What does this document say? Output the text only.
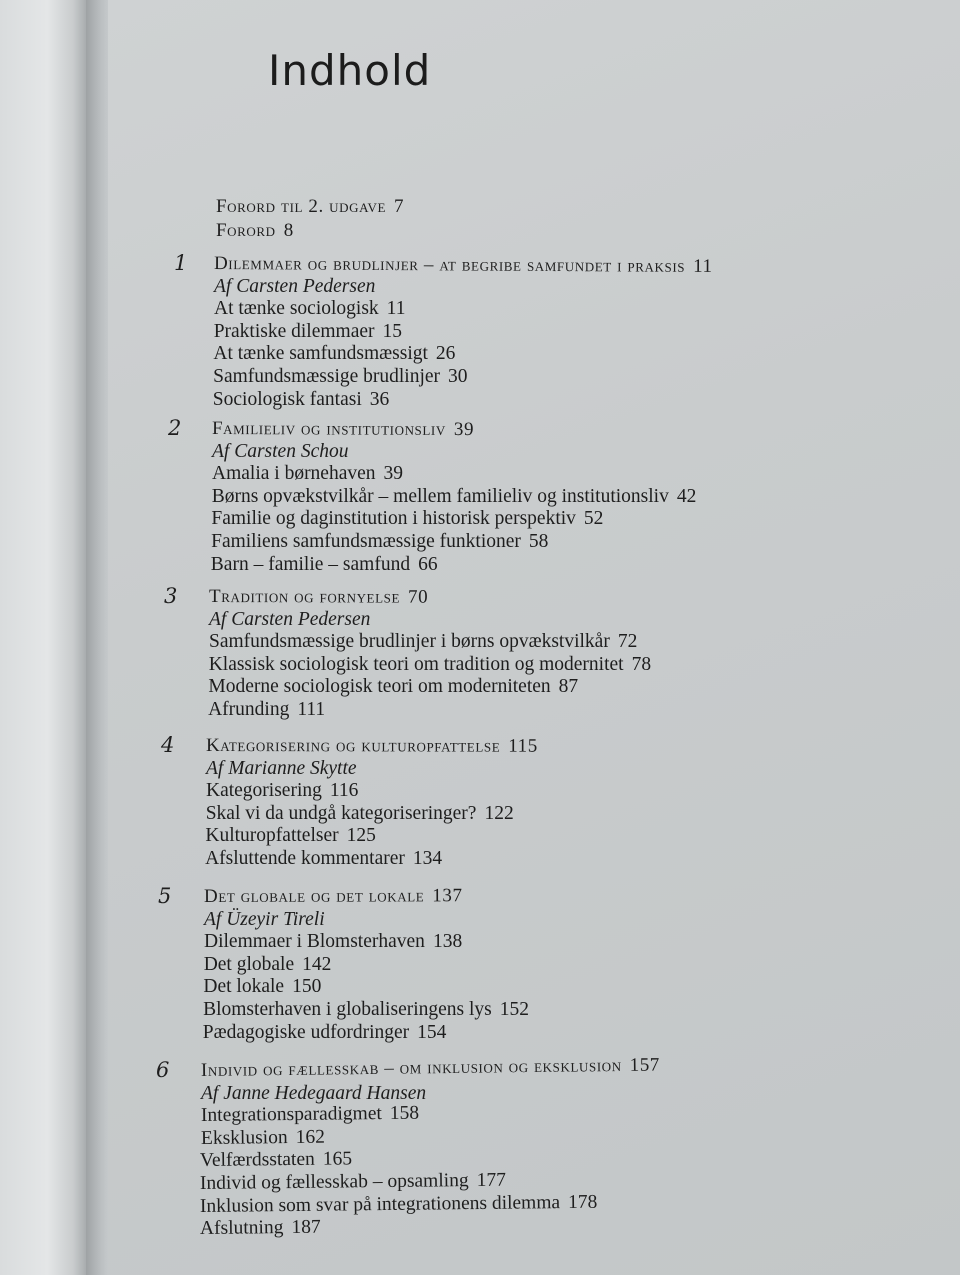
Indhold
Forord til 2. udgave 7
Forord 8
1 Dilemmaer og brudlinjer – at begribe samfundet i praksis 11
Af Carsten Pedersen
At tænke sociologisk 11
Praktiske dilemmaer 15
At tænke samfundsmæssigt 26
Samfundsmæssige brudlinjer 30
Sociologisk fantasi 36
2 Familieliv og institutionsliv 39
Af Carsten Schou
Amalia i børnehaven 39
Børns opvækstvilkår – mellem familieliv og institutionsliv 42
Familie og daginstitution i historisk perspektiv 52
Familiens samfundsmæssige funktioner 58
Barn – familie – samfund 66
3 Tradition og fornyelse 70
Af Carsten Pedersen
Samfundsmæssige brudlinjer i børns opvækstvilkår 72
Klassisk sociologisk teori om tradition og modernitet 78
Moderne sociologisk teori om moderniteten 87
Afrunding 111
4 Kategorisering og kulturopfattelse 115
Af Marianne Skytte
Kategorisering 116
Skal vi da undgå kategoriseringer? 122
Kulturopfattelser 125
Afsluttende kommentarer 134
5 Det globale og det lokale 137
Af Üzeyir Tireli
Dilemmaer i Blomsterhaven 138
Det globale 142
Det lokale 150
Blomsterhaven i globaliseringens lys 152
Pædagogiske udfordringer 154
6 Individ og fællesskab – om inklusion og eksklusion 157
Af Janne Hedegaard Hansen
Integrationsparadigmet 158
Eksklusion 162
Velfærdsstaten 165
Individ og fællesskab – opsamling 177
Inklusion som svar på integrationens dilemma 178
Afslutning 187
